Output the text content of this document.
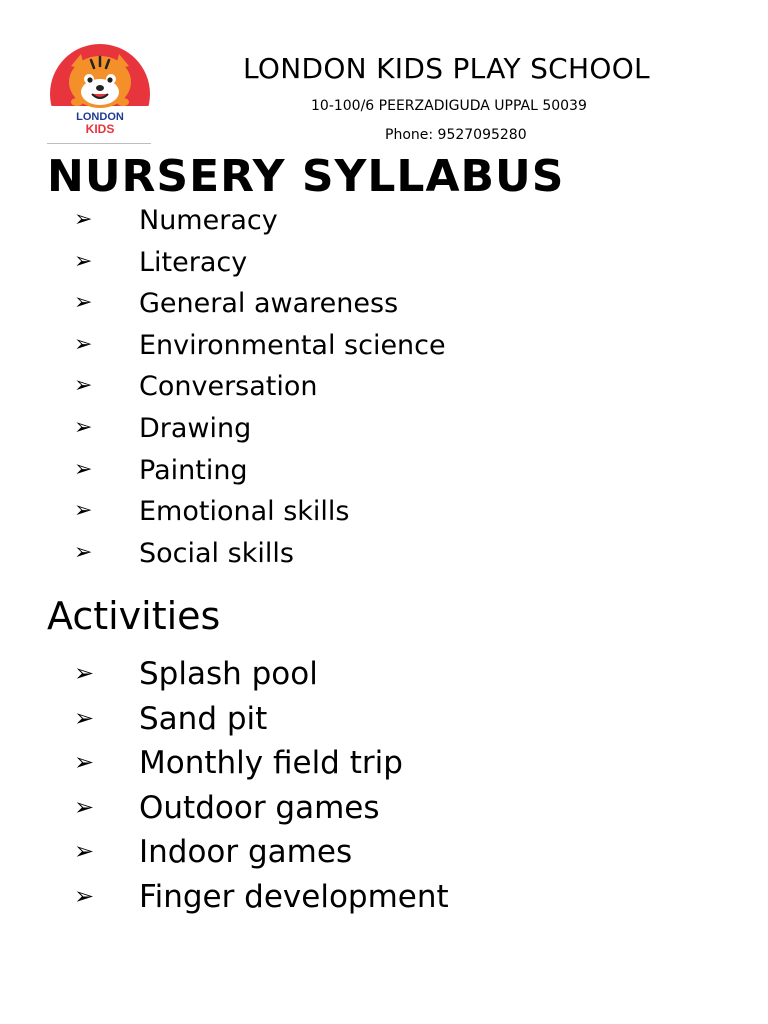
LONDON
KIDS
LONDON KIDS PLAY SCHOOL
10-100/6 PEERZADIGUDA UPPAL 50039
Phone: 9527095280
NURSERY SYLLABUS
➢ Numeracy
➢ Literacy
➢ General awareness
➢ Environmental science
➢ Conversation
➢ Drawing
➢ Painting
➢ Emotional skills
➢ Social skills
Activities
➢ Splash pool
➢ Sand pit
➢ Monthly field trip
➢ Outdoor games
➢ Indoor games
➢ Finger development
